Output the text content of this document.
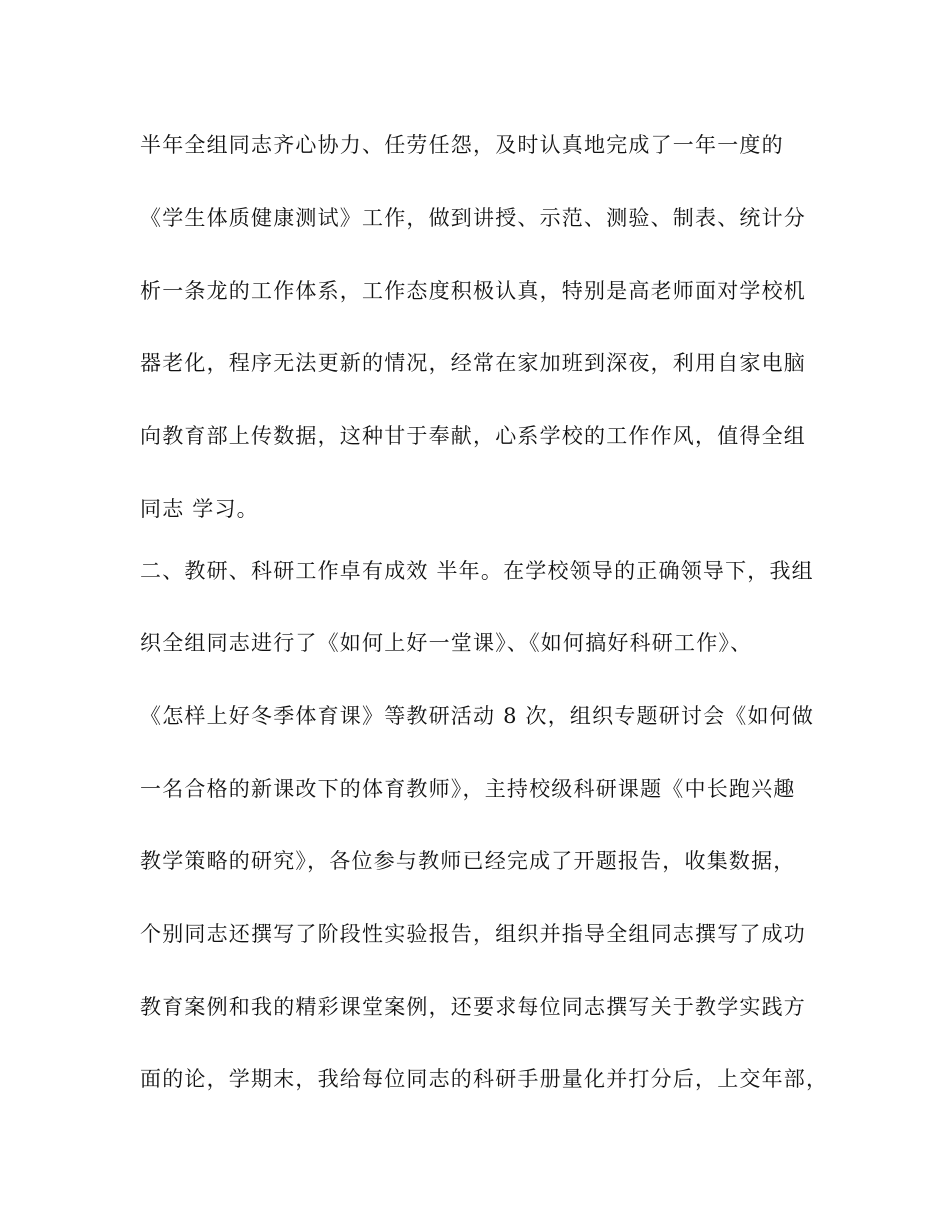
半年全组同志齐心协力、任劳任怨，及时认真地完成了一年一度的
《学生体质健康测试》工作，做到讲授、示范、测验、制表、统计分
析一条龙的工作体系，工作态度积极认真，特别是高老师面对学校机
器老化，程序无法更新的情况，经常在家加班到深夜，利用自家电脑
向教育部上传数据，这种甘于奉献，心系学校的工作作风，值得全组
同志 学习。
二、教研、科研工作卓有成效 半年。在学校领导的正确领导下，我组
织全组同志进行了《如何上好一堂课》、《如何搞好科研工作》、
《怎样上好冬季体育课》等教研活动 8 次，组织专题研讨会《如何做
一名合格的新课改下的体育教师》，主持校级科研课题《中长跑兴趣
教学策略的研究》，各位参与教师已经完成了开题报告，收集数据，
个别同志还撰写了阶段性实验报告，组织并指导全组同志撰写了成功
教育案例和我的精彩课堂案例，还要求每位同志撰写关于教学实践方
面的论，学期末，我给每位同志的科研手册量化并打分后，上交年部，
